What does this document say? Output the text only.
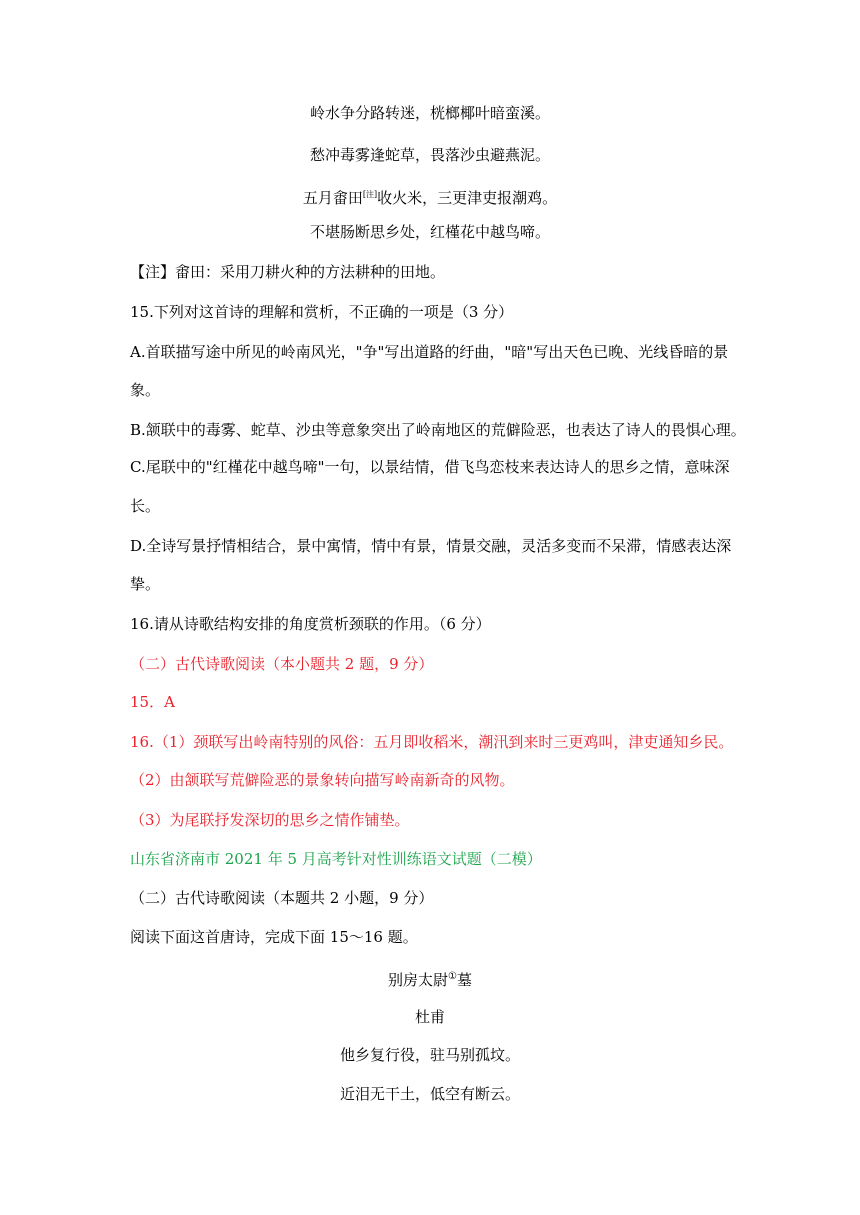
岭水争分路转迷，桄榔椰叶暗蛮溪。
愁冲毒雾逢蛇草，畏落沙虫避燕泥。
五月畬田[注]收火米，三更津吏报潮鸡。
不堪肠断思乡处，红槿花中越鸟啼。
【注】畬田：采用刀耕火种的方法耕种的田地。
15.下列对这首诗的理解和赏析，不正确的一项是（3 分）
A.首联描写途中所见的岭南风光，"争"写出道路的纡曲，"暗"写出天色已晚、光线昏暗的景
象。
B.颔联中的毒雾、蛇草、沙虫等意象突出了岭南地区的荒僻险恶，也表达了诗人的畏惧心理。
C.尾联中的"红槿花中越鸟啼"一句，以景结情，借飞鸟恋枝来表达诗人的思乡之情，意味深
长。
D.全诗写景抒情相结合，景中寓情，情中有景，情景交融，灵活多变而不呆滞，情感表达深
挚。
16.请从诗歌结构安排的角度赏析颈联的作用。（6 分）
（二）古代诗歌阅读（本小题共 2 题，9 分）
15．A
16.（1）颈联写出岭南特别的风俗：五月即收稻米，潮汛到来时三更鸡叫，津吏通知乡民。
（2）由颔联写荒僻险恶的景象转向描写岭南新奇的风物。
（3）为尾联抒发深切的思乡之情作铺垫。
山东省济南市 2021 年 5 月高考针对性训练语文试题（二模）
（二）古代诗歌阅读（本题共 2 小题，9 分）
阅读下面这首唐诗，完成下面 15～16 题。
别房太尉①墓
杜甫
他乡复行役，驻马别孤坟。
近泪无干土，低空有断云。
